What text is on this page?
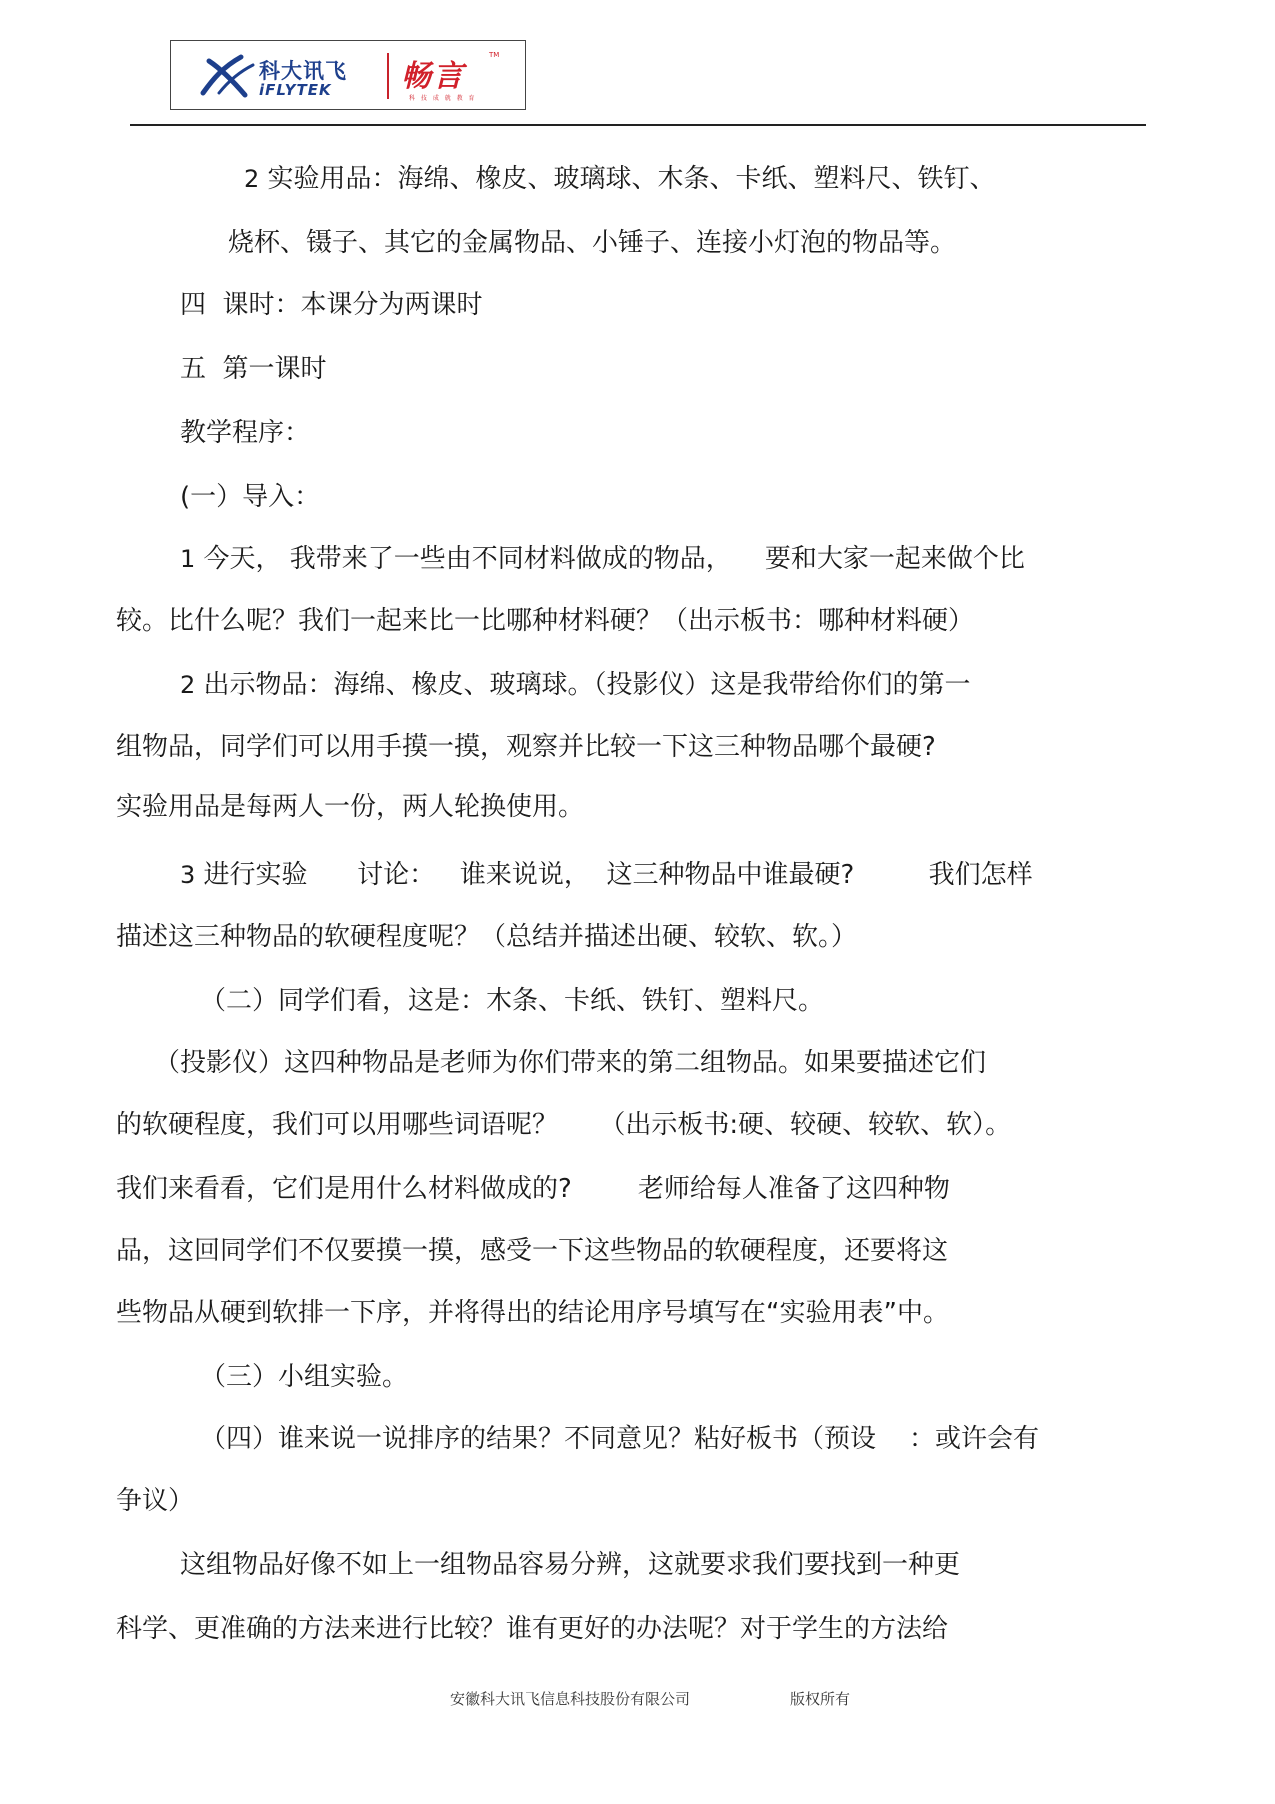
科大讯飞
iFLYTEK 畅言
TM
科 技 成 就 教 育
2 实验用品：海绵、橡皮、玻璃球、木条、卡纸、塑料尺、铁钉、
烧杯、镊子、其它的金属物品、小锤子、连接小灯泡的物品等。
四  课时：本课分为两课时
五  第一课时
教学程序：
(一）导入：
1 今天， 我带来了一些由不同材料做成的物品，    要和大家一起来做个比
较。比什么呢？我们一起来比一比哪种材料硬？（出示板书：哪种材料硬）
2 出示物品：海绵、橡皮、玻璃球。（投影仪）这是我带给你们的第一
组物品，同学们可以用手摸一摸，观察并比较一下这三种物品哪个最硬?
实验用品是每两人一份，两人轮换使用。
3 进行实验      讨论：   谁来说说，  这三种物品中谁最硬?         我们怎样
描述这三种物品的软硬程度呢？（总结并描述出硬、较软、软。）
（二）同学们看，这是：木条、卡纸、铁钉、塑料尺。
（投影仪）这四种物品是老师为你们带来的第二组物品。如果要描述它们
的软硬程度，我们可以用哪些词语呢？     （出示板书:硬、较硬、较软、软）。
我们来看看，它们是用什么材料做成的?        老师给每人准备了这四种物
品，这回同学们不仅要摸一摸，感受一下这些物品的软硬程度，还要将这
些物品从硬到软排一下序，并将得出的结论用序号填写在“实验用表”中。
（三）小组实验。
（四）谁来说一说排序的结果？不同意见？粘好板书（预设    ：或许会有
争议）
这组物品好像不如上一组物品容易分辨，这就要求我们要找到一种更
科学、更准确的方法来进行比较？谁有更好的办法呢？对于学生的方法给
安徽科大讯飞信息科技股份有限公司	版权所有
